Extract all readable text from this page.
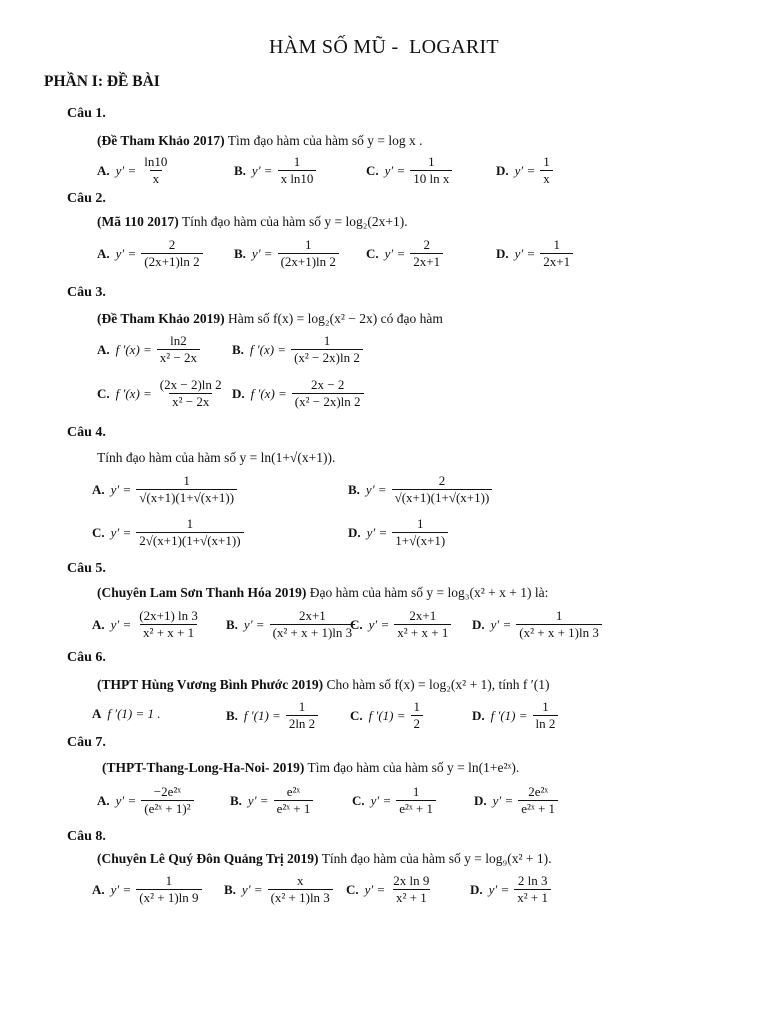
HÀM SỐ MŨ -  LOGARIT
PHẦN I: ĐỀ BÀI
Câu 1.
(Đề Tham Khảo 2017) Tìm đạo hàm của hàm số y = log x .
A. $y' = \frac{\ln 10}{x}$	B. $y' = \frac{1}{\text{x ln10}}$	C. $y' = \frac{1}{\text{10 ln x}}$	D. $y' = \frac{1}{x}$
Câu 2.
(Mã 110 2017) Tính đạo hàm của hàm số y = log₂(2x+1).
A. $y' = \frac{2}{(2x+1)\ln 2} B$. $y' = \frac{1}{(2x+1)\ln 2} C$. $y' = \frac{2}{2x+1}$	D. $y' = \frac{1}{2x+1}$
Câu 3.
(Đề Tham Khảo 2019) Hàm số f(x) = log₂(x² − 2x) có đạo hàm
A. f $'(x) = \frac{\ln 2}{\text{x² − 2x}} B$. f $'(x) = \frac{1}{\text{(x² − 2x)ln 2}}$
C. f $'(x) = \frac{(2x - 2)\ln 2}{\text{x² − 2x}} D$. f $'(x) = \frac{2x - 2}{\text{(x² − 2x)ln 2}}$
Câu 4.
Tính đạo hàm của hàm số y = ln(1+√(x+1)).
A. $y' = \frac{1}{√(x+1)(1+√(x+1))}$	B. $y' = \frac{2}{√(x+1)(1+√(x+1))}$
C. $y' = \frac{1}{2√(x+1)(1+√(x+1))}$	D. $y' = \frac{1}{1+√(x+1)}$
Câu 5.
(Chuyên Lam Sơn Thanh Hóa 2019) Đạo hàm của hàm số y = log₃(x² + x + 1) là:
A. $y' = \frac{(2x+1) \ln 3}{\text{x² + x + 1}} B$. $y' = \frac{2x+1}{\text{(x² + x + 1)ln 3}}$
C. $y' = \frac{2x+1}{\text{x² + x + 1}} D$. $y' = \frac{1}{\text{(x² + x + 1)ln 3}}$
Câu 6.
(THPT Hùng Vương Bình Phước 2019) Cho hàm số f(x) = log₂(x² + 1), tính f ′(1)
A f ′(1) = 1 .	B. f $'(1) = \frac{1}{2\ln 2} C$. f $'(1) = \frac{1}{2}$	D. f $'(1) = \frac{1}{\ln 2}$
Câu 7.
(THPT-Thang-Long-Ha-Noi- 2019) Tìm đạo hàm của hàm số y = ln(1+e²ˣ).
A. $y' = \frac{\text{−2e²ˣ}}{\text{(e²ˣ + 1)²}}$	B. $y' = \frac{\text{e²ˣ}}{\text{e²ˣ + 1}}$	C. $y' = \frac{1}{\text{e²ˣ + 1}}$	D. $y' = \frac{\text{2e²ˣ}}{\text{e²ˣ + 1}}$
Câu 8.
(Chuyên Lê Quý Đôn Quảng Trị 2019) Tính đạo hàm của hàm số y = log₉(x² + 1).
A. $y' = \frac{1}{\text{(x² + 1)ln 9}} B$. $y' = \frac{x}{\text{(x² + 1)ln 3}} C$. $y' = \frac{\text{2x ln 9}}{\text{x² + 1}}$	D. $y' = \frac{2 \ln 3}{\text{x² + 1}}$
